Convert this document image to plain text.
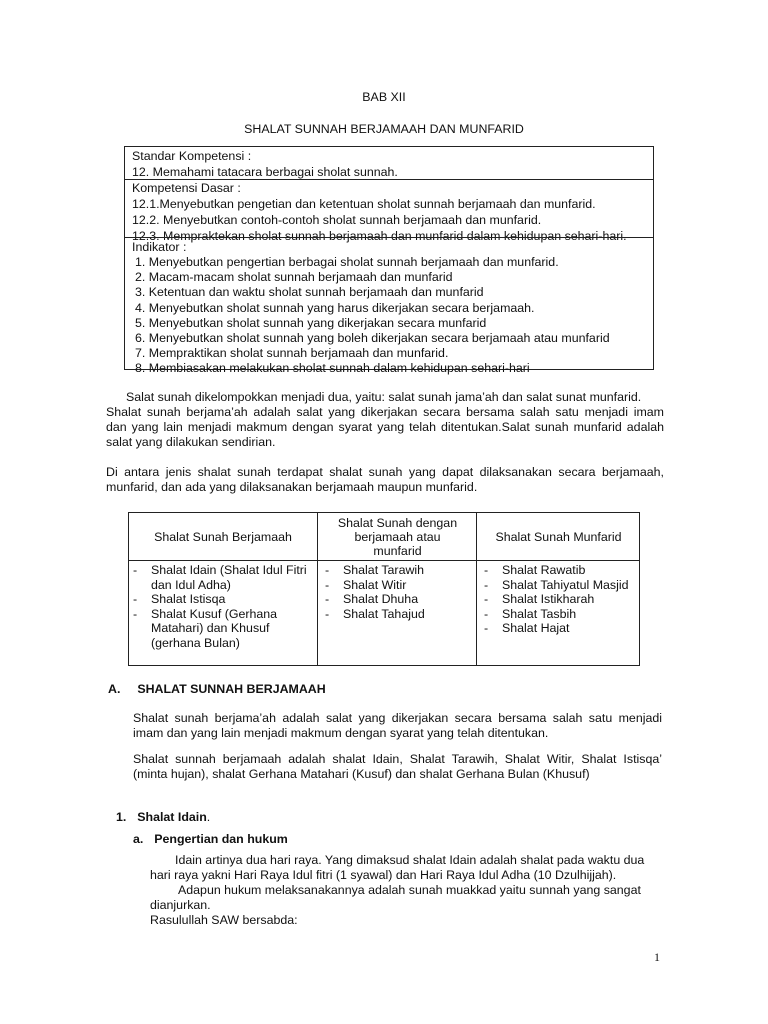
BAB XII
SHALAT SUNNAH BERJAMAAH DAN MUNFARID
Standar Kompetensi :
12. Memahami tatacara berbagai sholat sunnah.
Kompetensi Dasar :
12.1.Menyebutkan pengetian dan ketentuan sholat sunnah berjamaah dan munfarid.
12.2. Menyebutkan contoh-contoh sholat sunnah berjamaah dan munfarid.
12.3. Mempraktekan sholat sunnah berjamaah dan munfarid dalam kehidupan sehari-hari.
Indikator :
1. Menyebutkan pengertian berbagai sholat sunnah berjamaah dan munfarid.
2. Macam-macam sholat sunnah berjamaah dan munfarid
3. Ketentuan dan waktu sholat sunnah berjamaah dan munfarid
4. Menyebutkan sholat sunnah yang harus dikerjakan secara berjamaah.
5. Menyebutkan sholat sunnah yang dikerjakan secara munfarid
6. Menyebutkan sholat sunnah yang boleh dikerjakan secara berjamaah atau munfarid
7. Mempraktikan sholat sunnah berjamaah dan munfarid.
8. Membiasakan melakukan sholat sunnah dalam kehidupan sehari-hari
Salat sunah dikelompokkan menjadi dua, yaitu: salat sunah jama’ah dan salat sunat munfarid.
Shalat sunah berjama’ah adalah salat yang dikerjakan secara bersama salah satu menjadi imam
dan yang lain menjadi makmum dengan syarat yang telah ditentukan.Salat sunah munfarid adalah
salat yang dilakukan sendirian.
Di antara jenis shalat sunah terdapat shalat sunah yang dapat dilaksanakan secara berjamaah,
munfarid, dan ada yang dilaksanakan berjamaah maupun munfarid.
Shalat Sunah Berjamaah
Shalat Sunah dengan
berjamaah atau
munfarid
Shalat Sunah Munfarid
- Shalat Idain (Shalat Idul Fitri
dan Idul Adha)
- Shalat Istisqa
- Shalat Kusuf (Gerhana
Matahari) dan Khusuf
(gerhana Bulan)
- Shalat Tarawih
- Shalat Witir
- Shalat Dhuha
- Shalat Tahajud
- Shalat Rawatib
- Shalat Tahiyatul Masjid
- Shalat Istikharah
- Shalat Tasbih
- Shalat Hajat
A. SHALAT SUNNAH BERJAMAAH
Shalat sunah berjama’ah adalah salat yang dikerjakan secara bersama salah satu menjadi
imam dan yang lain menjadi makmum dengan syarat yang telah ditentukan.
Shalat sunnah berjamaah adalah shalat Idain, Shalat Tarawih, Shalat Witir, Shalat Istisqa’
(minta hujan), shalat Gerhana Matahari (Kusuf) dan shalat Gerhana Bulan (Khusuf)
1. Shalat Idain.
a. Pengertian dan hukum
Idain artinya dua hari raya. Yang dimaksud shalat Idain adalah shalat pada waktu dua
hari raya yakni Hari Raya Idul fitri (1 syawal) dan Hari Raya Idul Adha (10 Dzulhijjah).
Adapun hukum melaksanakannya adalah sunah muakkad yaitu sunnah yang sangat
dianjurkan.
Rasulullah SAW bersabda:
1
